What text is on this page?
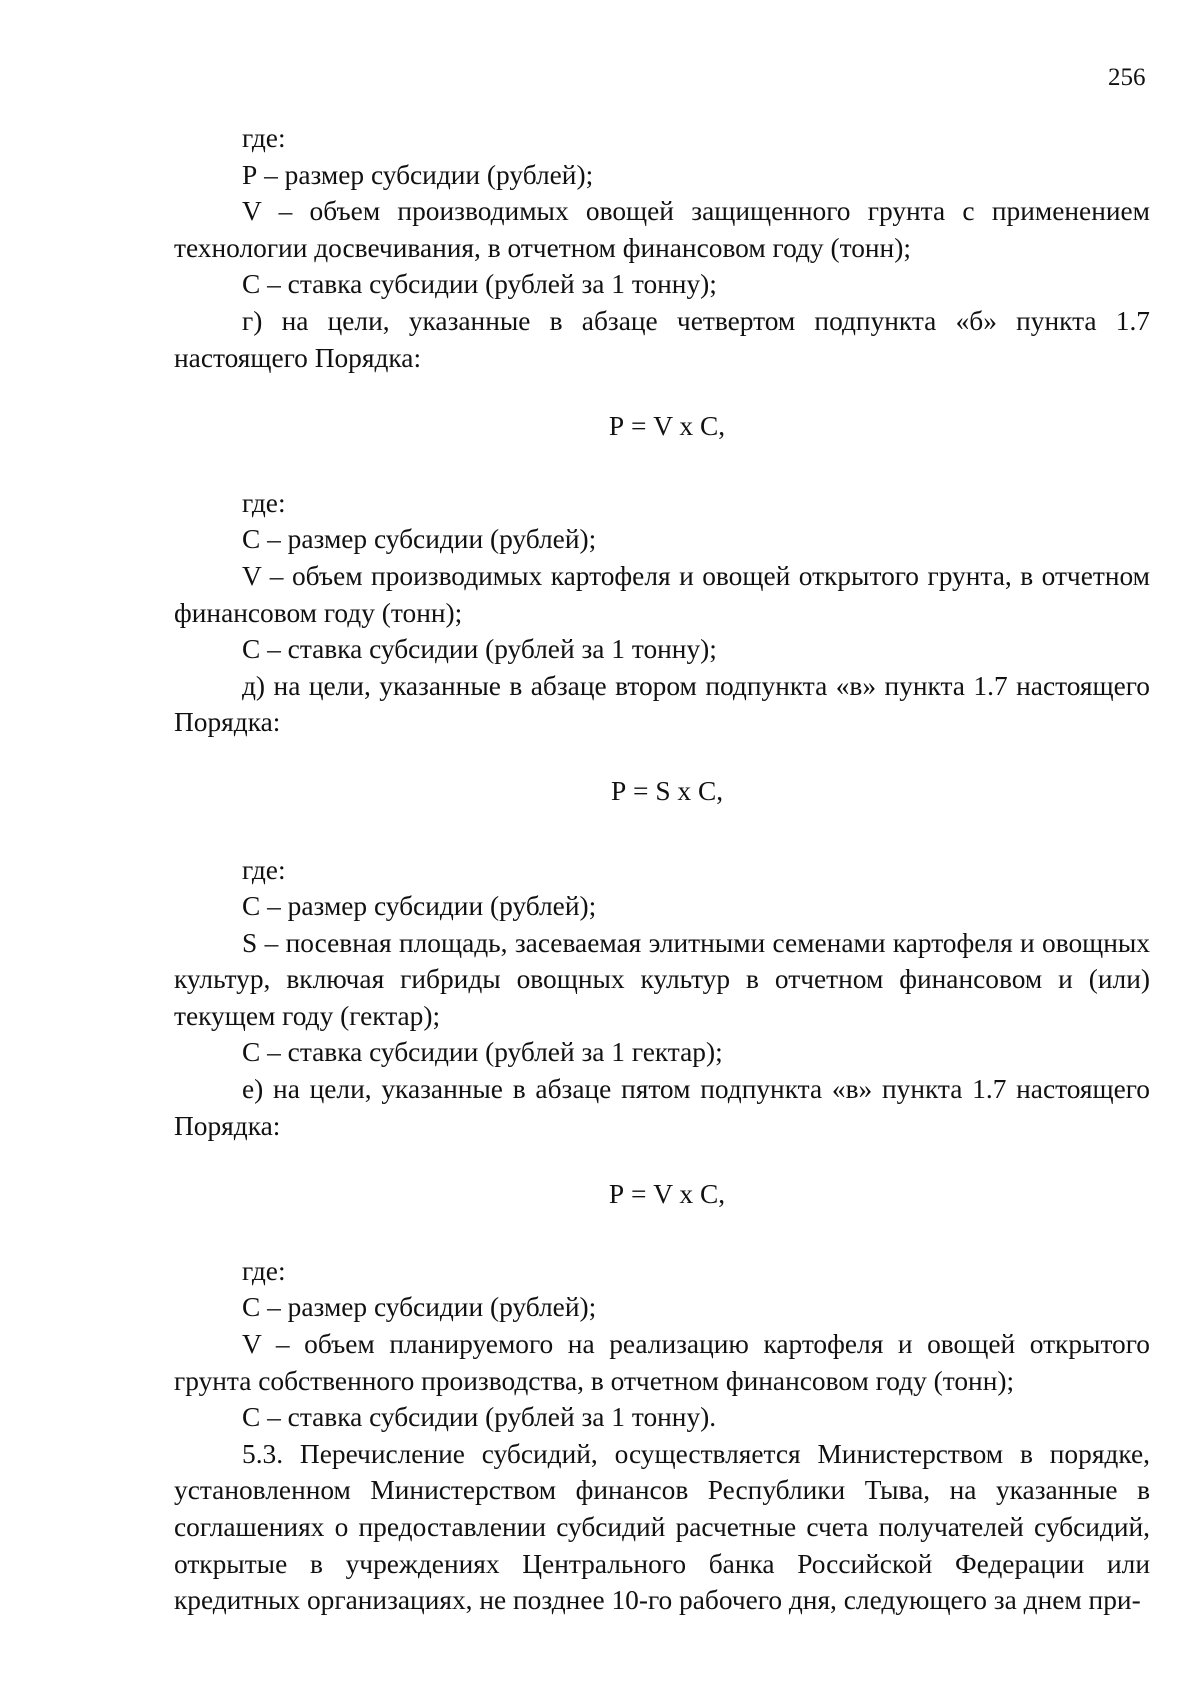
256

где:

Р – размер субсидии (рублей);

V – объем производимых овощей защищенного грунта с применением технологии досвечивания, в отчетном финансовом году (тонн);

С – ставка субсидии (рублей за 1 тонну);

г) на цели, указанные в абзаце четвертом подпункта «б» пункта 1.7 настоящего Порядка:

Р = V x С,

где:

С – размер субсидии (рублей);

V – объем производимых картофеля и овощей открытого грунта, в отчетном финансовом году (тонн);

С – ставка субсидии (рублей за 1 тонну);

д) на цели, указанные в абзаце втором подпункта «в» пункта 1.7 настоящего Порядка:

Р = S x С,

где:

С – размер субсидии (рублей);

S – посевная площадь, засеваемая элитными семенами картофеля и овощных культур, включая гибриды овощных культур в отчетном финансовом и (или) текущем году (гектар);

С – ставка субсидии (рублей за 1 гектар);

е) на цели, указанные в абзаце пятом подпункта «в» пункта 1.7 настоящего Порядка:

Р = V x С,

где:

С – размер субсидии (рублей);

V – объем планируемого на реализацию картофеля и овощей открытого грунта собственного производства, в отчетном финансовом году (тонн);

С – ставка субсидии (рублей за 1 тонну).

5.3. Перечисление субсидий, осуществляется Министерством в порядке, установленном Министерством финансов Республики Тыва, на указанные в соглашениях о предоставлении субсидий расчетные счета получателей субсидий, открытые в учреждениях Центрального банка Российской Федерации или кредитных организациях, не позднее 10-го рабочего дня, следующего за днем при-
